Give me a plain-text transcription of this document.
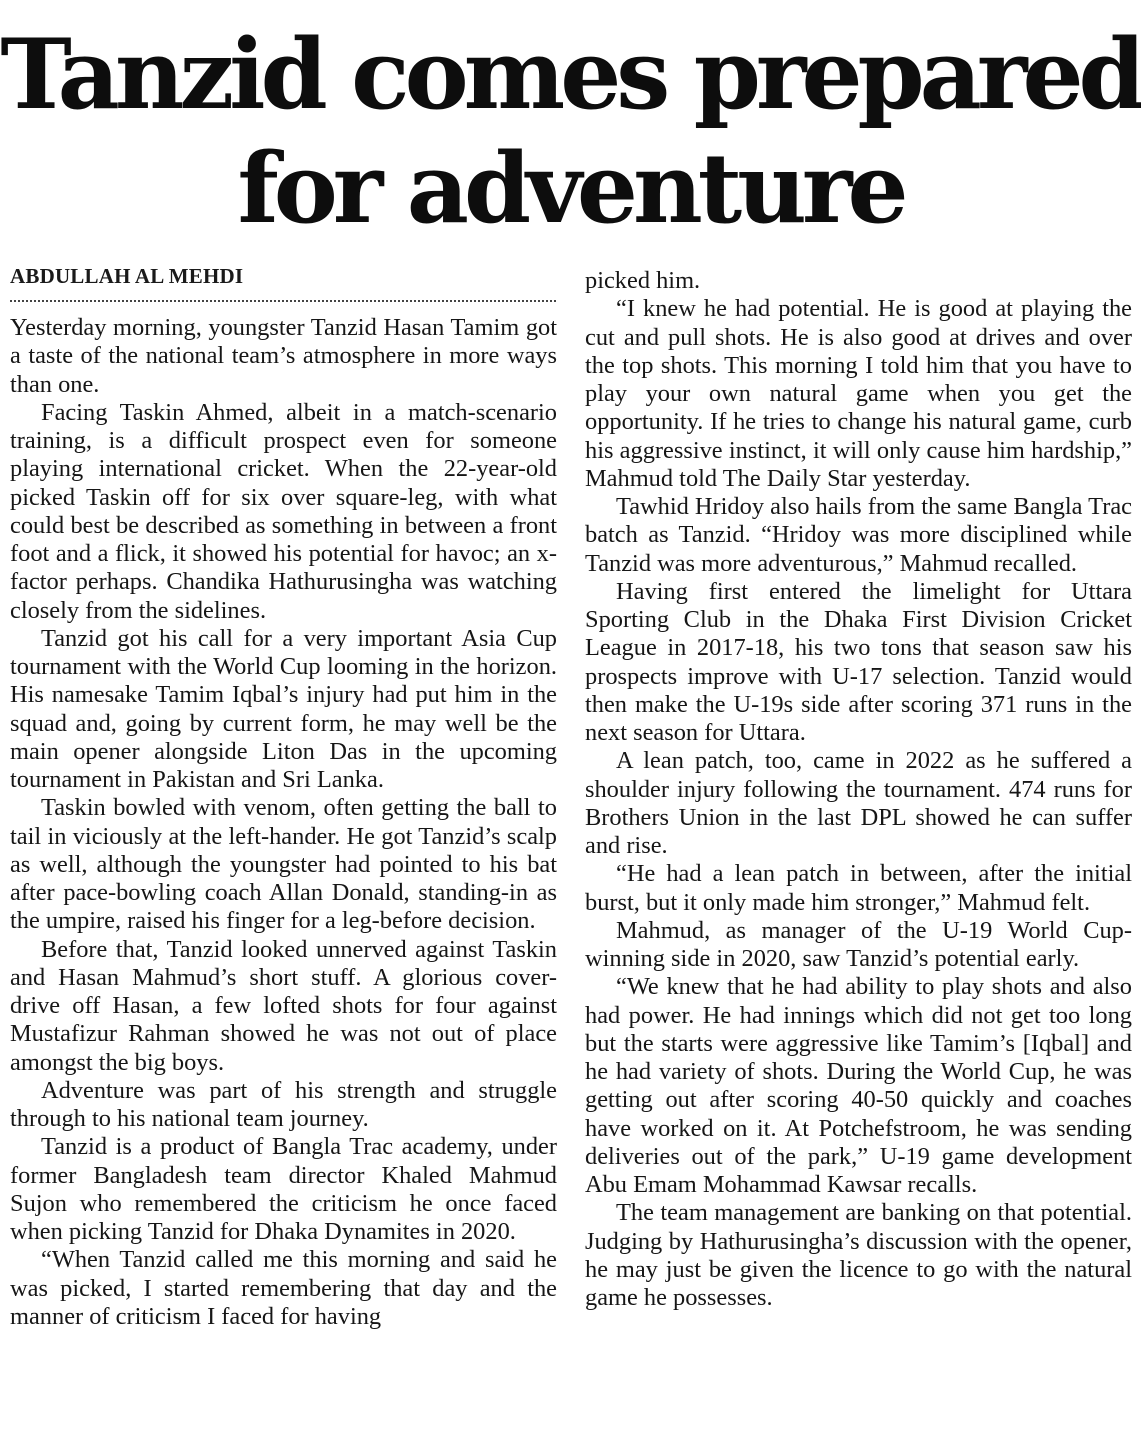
Tanzid comes prepared
for adventure
ABDULLAH AL MEHDI

Yesterday morning, youngster Tanzid Hasan Tamim got a taste of the national team’s atmosphere in more ways than one.

Facing Taskin Ahmed, albeit in a match-scenario training, is a difficult prospect even for someone playing international cricket. When the 22-year-old picked Taskin off for six over square-leg, with what could best be described as something in between a front foot and a flick, it showed his potential for havoc; an x-factor perhaps. Chandika Hathurusingha was watching closely from the sidelines.

Tanzid got his call for a very important Asia Cup tournament with the World Cup looming in the horizon. His namesake Tamim Iqbal’s injury had put him in the squad and, going by current form, he may well be the main opener alongside Liton Das in the upcoming tournament in Pakistan and Sri Lanka.

Taskin bowled with venom, often getting the ball to tail in viciously at the left-hander. He got Tanzid’s scalp as well, although the youngster had pointed to his bat after pace-bowling coach Allan Donald, standing-in as the umpire, raised his finger for a leg-before decision.

Before that, Tanzid looked unnerved against Taskin and Hasan Mahmud’s short stuff. A glorious cover-drive off Hasan, a few lofted shots for four against Mustafizur Rahman showed he was not out of place amongst the big boys.

Adventure was part of his strength and struggle through to his national team journey.

Tanzid is a product of Bangla Trac academy, under former Bangladesh team director Khaled Mahmud Sujon who remembered the criticism he once faced when picking Tanzid for Dhaka Dynamites in 2020.

“When Tanzid called me this morning and said he was picked, I started remembering that day and the manner of criticism I faced for having

picked him.

“I knew he had potential. He is good at playing the cut and pull shots. He is also good at drives and over the top shots. This morning I told him that you have to play your own natural game when you get the opportunity. If he tries to change his natural game, curb his aggressive instinct, it will only cause him hardship,” Mahmud told The Daily Star yesterday.

Tawhid Hridoy also hails from the same Bangla Trac batch as Tanzid. “Hridoy was more disciplined while Tanzid was more adventurous,” Mahmud recalled.

Having first entered the limelight for Uttara Sporting Club in the Dhaka First Division Cricket League in 2017-18, his two tons that season saw his prospects improve with U-17 selection. Tanzid would then make the U-19s side after scoring 371 runs in the next season for Uttara.

A lean patch, too, came in 2022 as he suffered a shoulder injury following the tournament. 474 runs for Brothers Union in the last DPL showed he can suffer and rise.

“He had a lean patch in between, after the initial burst, but it only made him stronger,” Mahmud felt.

Mahmud, as manager of the U-19 World Cup-winning side in 2020, saw Tanzid’s potential early.

“We knew that he had ability to play shots and also had power. He had innings which did not get too long but the starts were aggressive like Tamim’s [Iqbal] and he had variety of shots. During the World Cup, he was getting out after scoring 40-50 quickly and coaches have worked on it. At Potchefstroom, he was sending deliveries out of the park,” U-19 game development Abu Emam Mohammad Kawsar recalls.

The team management are banking on that potential. Judging by Hathurusingha’s discussion with the opener, he may just be given the licence to go with the natural game he possesses.
